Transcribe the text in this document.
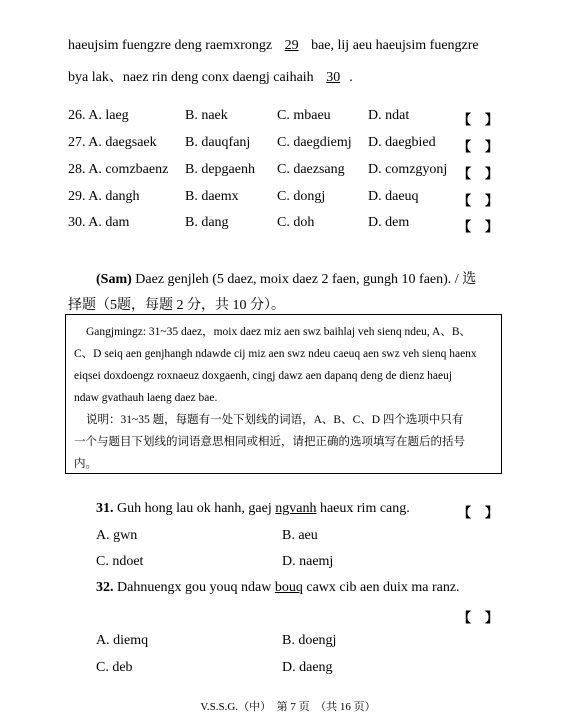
haeujsim fuengzre deng raemxrongz 29 bae, lij aeu haeujsim fuengzre
bya lak、naez rin deng conx daengj caihaih 30 .
26. A. laeg	B. naek	C. mbaeu	D. ndat	【 】
27. A. daegsaek B. dauqfanj C. daegdiemj D. daegbied 【 】
28. A. comzbaenz B. depgaenh C. daezsang D. comzgyonj 【 】
29. A. dangh	B. daemx	C. dongj	D. daeuq	【 】
30. A. dam	B. dang	C. doh	D. dem	【 】
(Sam) Daez genjleh (5 daez, moix daez 2 faen, gungh 10 faen). / 选
择题（5题，每题 2 分，共 10 分）。

Gangjmingz: 31~35 daez，moix daez miz aen swz baihlaj veh sienq ndeu, A、B、

C、D seiq aen genjhangh ndawde cij miz aen swz ndeu caeuq aen swz veh sienq haenx

eiqsei doxdoengz roxnaeuz doxgaenh, cingj dawz aen dapanq deng de dienz haeuj

ndaw gvathauh laeng daez bae.

说明：31~35 题，每题有一处下划线的词语，A、B、C、D 四个选项中只有

一个与题目下划线的词语意思相同或相近，请把正确的选项填写在题后的括号

内。

31. Guh hong lau ok hanh, gaej ngvanh haeux rim cang.	【 】
A. gwn	B. aeu
C. ndoet	D. naemj
32. Dahnuengx gou youq ndaw bouq cawx cib aen duix ma ranz.
【 】
A. diemq	B. doengj
C. deb	D. daeng
V.S.S.G.（中）　第 7 页　（共 16 页）
